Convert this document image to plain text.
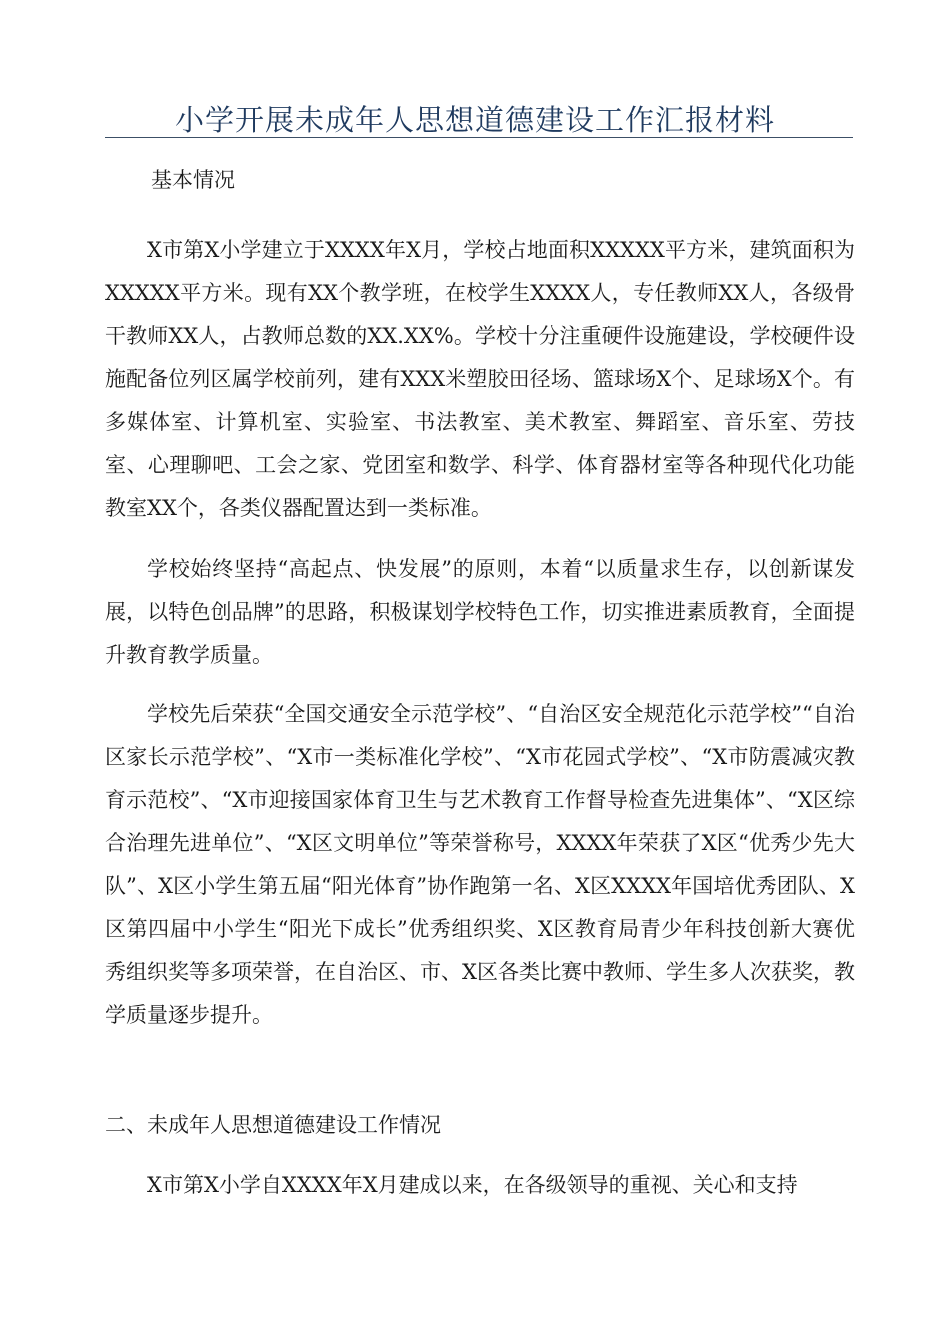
小学开展未成年人思想道德建设工作汇报材料
基本情况
X市第X小学建立于XXXX年X月，学校占地面积XXXXX平方米，建筑面积为XXXXX平方米。现有XX个教学班，在校学生XXXX人，专任教师XX人，各级骨干教师XX人，占教师总数的XX.XX%。学校十分注重硬件设施建设，学校硬件设施配备位列区属学校前列，建有XXX米塑胶田径场、篮球场X个、足球场X个。有多媒体室、计算机室、实验室、书法教室、美术教室、舞蹈室、音乐室、劳技室、心理聊吧、工会之家、党团室和数学、科学、体育器材室等各种现代化功能教室XX个，各类仪器配置达到一类标准。
学校始终坚持“高起点、快发展”的原则，本着“以质量求生存，以创新谋发展，以特色创品牌”的思路，积极谋划学校特色工作，切实推进素质教育，全面提升教育教学质量。
学校先后荣获“全国交通安全示范学校”、“自治区安全规范化示范学校”“自治区家长示范学校”、“X市一类标准化学校”、“X市花园式学校”、“X市防震减灾教育示范校”、“X市迎接国家体育卫生与艺术教育工作督导检查先进集体”、“X区综合治理先进单位”、“X区文明单位”等荣誉称号，XXXX年荣获了X区“优秀少先大队”、X区小学生第五届“阳光体育”协作跑第一名、X区XXXX年国培优秀团队、X区第四届中小学生“阳光下成长”优秀组织奖、X区教育局青少年科技创新大赛优秀组织奖等多项荣誉，在自治区、市、X区各类比赛中教师、学生多人次获奖，教学质量逐步提升。
二、未成年人思想道德建设工作情况
X市第X小学自XXXX年X月建成以来，在各级领导的重视、关心和支持
